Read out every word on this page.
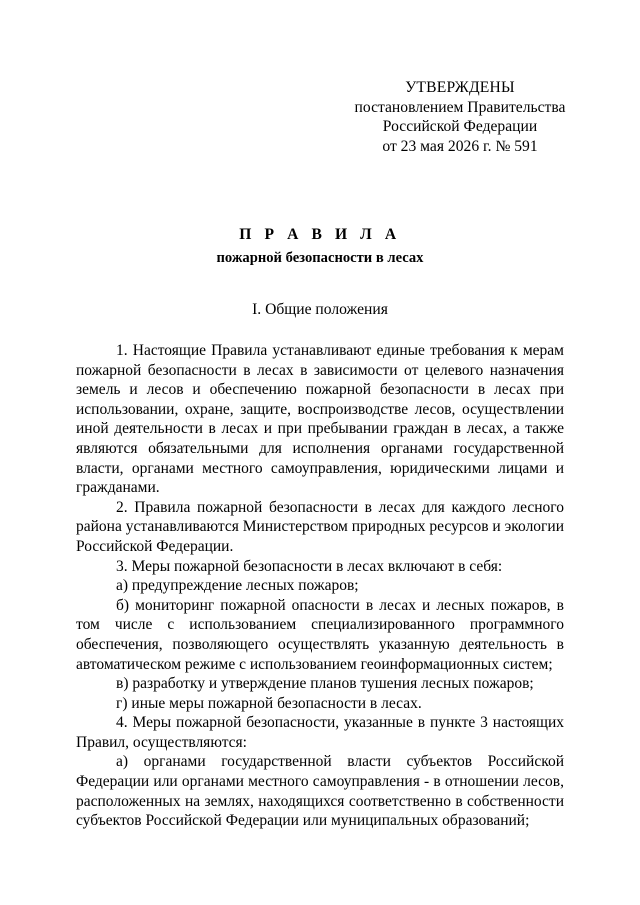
УТВЕРЖДЕНЫ
постановлением Правительства
Российской Федерации
от 23 мая 2026 г. № 591
П Р А В И Л А
пожарной безопасности в лесах
I. Общие положения

1. Настоящие Правила устанавливают единые требования к мерам пожарной безопасности в лесах в зависимости от целевого назначения земель и лесов и обеспечению пожарной безопасности в лесах при использовании, охране, защите, воспроизводстве лесов, осуществлении иной деятельности в лесах и при пребывании граждан в лесах, а также являются обязательными для исполнения органами государственной власти, органами местного самоуправления, юридическими лицами и гражданами.

2. Правила пожарной безопасности в лесах для каждого лесного района устанавливаются Министерством природных ресурсов и экологии Российской Федерации.

3. Меры пожарной безопасности в лесах включают в себя:

а) предупреждение лесных пожаров;

б) мониторинг пожарной опасности в лесах и лесных пожаров, в том числе с использованием специализированного программного обеспечения, позволяющего осуществлять указанную деятельность в автоматическом режиме с использованием геоинформационных систем;

в) разработку и утверждение планов тушения лесных пожаров;

г) иные меры пожарной безопасности в лесах.

4. Меры пожарной безопасности, указанные в пункте 3 настоящих Правил, осуществляются:

а) органами государственной власти субъектов Российской Федерации или органами местного самоуправления - в отношении лесов, расположенных на землях, находящихся соответственно в собственности субъектов Российской Федерации или муниципальных образований;
